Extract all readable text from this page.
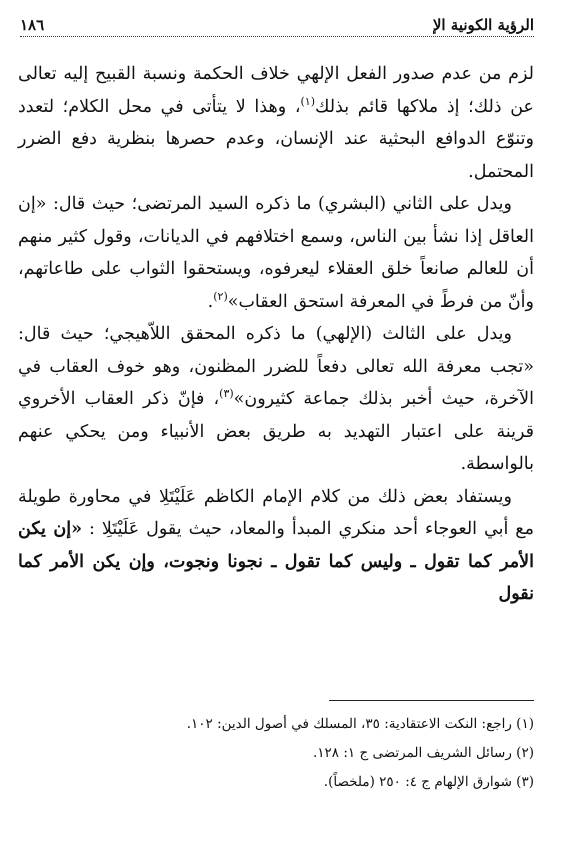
الرؤية الكونية الإ
١٨٦

لزم من عدم صدور الفعل الإلهي خلاف الحكمة ونسبة القبيح إليه تعالى عن ذلك؛ إذ ملاكها قائم بذلك$^{(١)}$، وهذا لا يتأتى في محل الكلام؛ لتعدد وتنوّع الدوافع البحثية عند الإنسان، وعدم حصرها بنظرية دفع الضرر المحتمل.

ويدل على الثاني (البشري) ما ذكره السيد المرتضى؛ حيث قال: «إن العاقل إذا نشأ بين الناس، وسمع اختلافهم في الديانات، وقول كثير منهم أن للعالم صانعاً خلق العقلاء ليعرفوه، ويستحقوا الثواب على طاعاتهم، وأنّ من فرطً في المعرفة استحق العقاب»$^{(٢)}$.

ويدل على الثالث (الإلهي) ما ذكره المحقق اللاّهيجي؛ حيث قال: «تجب معرفة الله تعالى دفعاً للضرر المظنون، وهو خوف العقاب في الآخرة، حيث أخبر بذلك جماعة كثيرون»$^{(٣)}$، فإنّ ذكر العقاب الأخروي قرينة على اعتبار التهديد به طريق بعض الأنبياء ومن يحكي عنهم بالواسطة.

ويستفاد بعض ذلك من كلام الإمام الكاظم عَلَيْتَلِا في محاورة طويلة مع أبي العوجاء أحد منكري المبدأ والمعاد، حيث يقول عَلَيْتَلِا : «إن يكن الأمر كما تقول ـ وليس كما تقول ـ نجونا ونجوت، وإن يكن الأمر كما نقول

(١) راجع: النكت الاعتقادية: ٣٥، المسلك في أصول الدين: ١٠٢.

(٢) رسائل الشريف المرتضى ج ١: ١٢٨.

(٣) شوارق الإلهام ج ٤: ٢٥٠ (ملخصاً).
